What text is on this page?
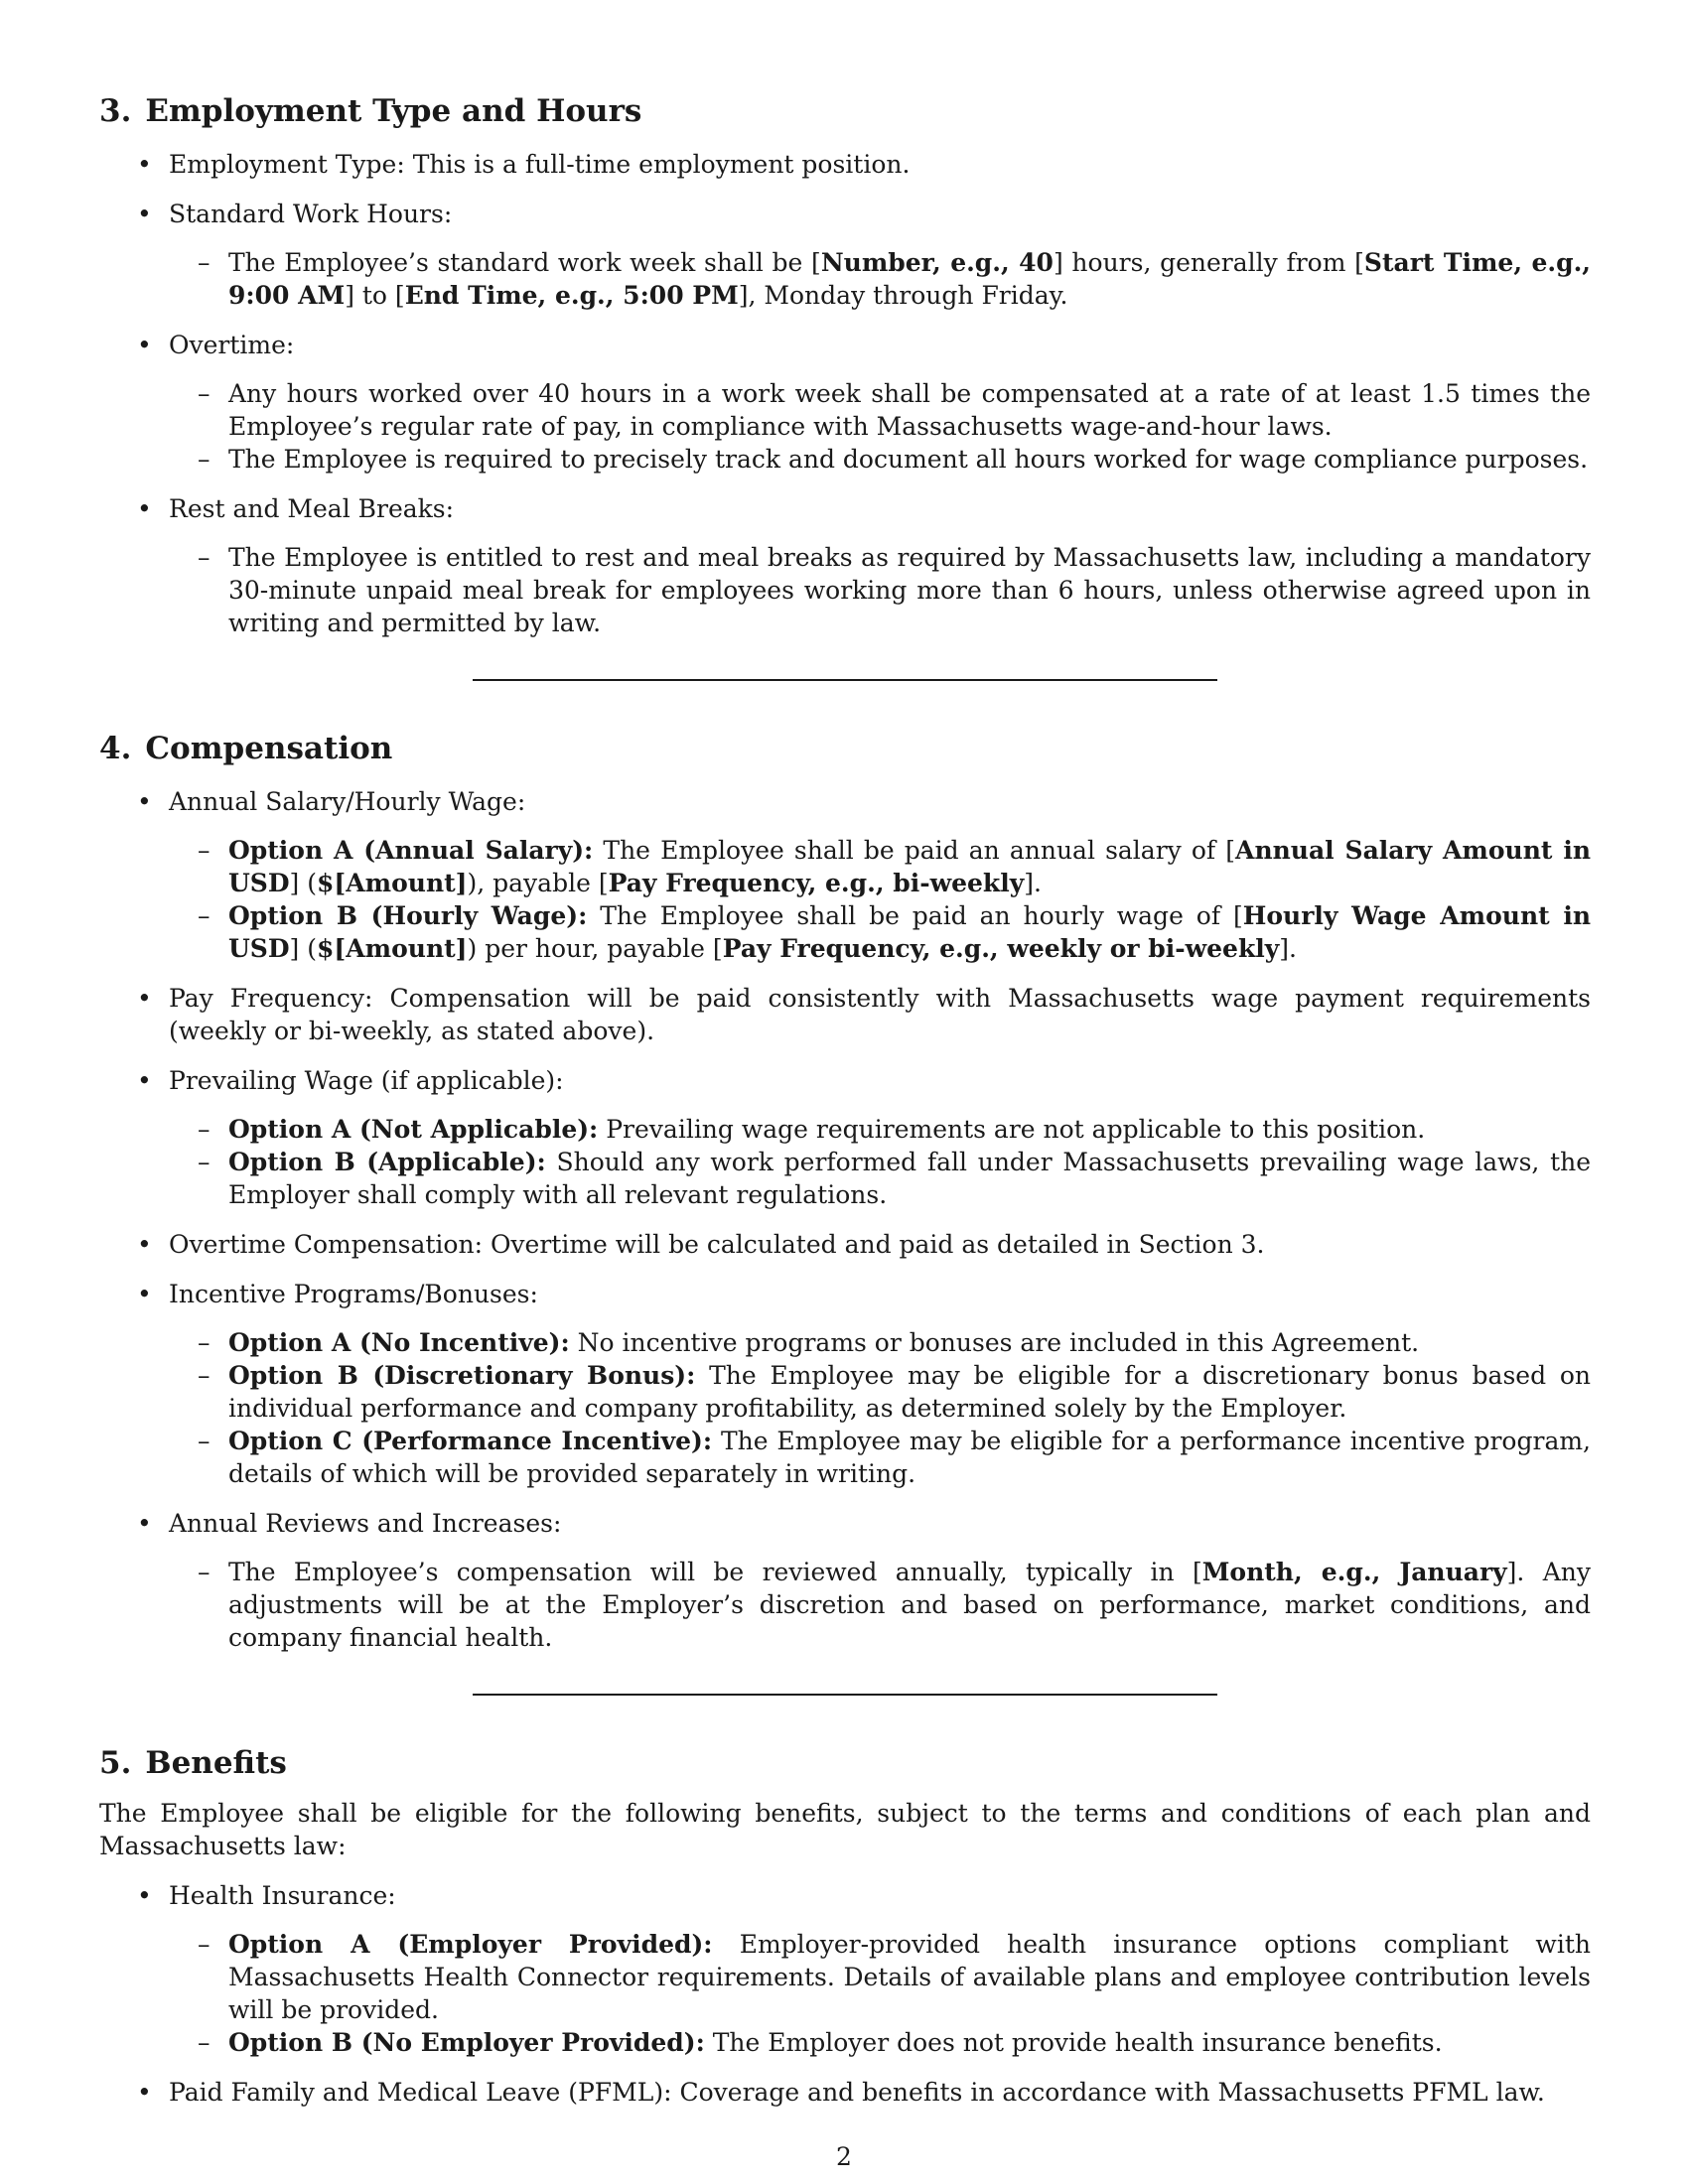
3. Employment Type and Hours
• Employment Type: This is a full-time employment position.
• Standard Work Hours:
– The Employee’s standard work week shall be [Number, e.g., 40] hours, generally from [Start Time, e.g., 9:00 AM] to [End Time, e.g., 5:00 PM], Monday through Friday.
• Overtime:
– Any hours worked over 40 hours in a work week shall be compensated at a rate of at least 1.5 times the Employee’s regular rate of pay, in compliance with Massachusetts wage-and-hour laws.
– The Employee is required to precisely track and document all hours worked for wage compliance purposes.
• Rest and Meal Breaks:
– The Employee is entitled to rest and meal breaks as required by Massachusetts law, including a mandatory 30-minute unpaid meal break for employees working more than 6 hours, unless otherwise agreed upon in writing and permitted by law.
4. Compensation
• Annual Salary/Hourly Wage:
– Option A (Annual Salary): The Employee shall be paid an annual salary of [Annual Salary Amount in USD] ($[Amount]), payable [Pay Frequency, e.g., bi-weekly].
– Option B (Hourly Wage): The Employee shall be paid an hourly wage of [Hourly Wage Amount in USD] ($[Amount]) per hour, payable [Pay Frequency, e.g., weekly or bi-weekly].
• Pay Frequency: Compensation will be paid consistently with Massachusetts wage payment requirements (weekly or bi-weekly, as stated above).
• Prevailing Wage (if applicable):
– Option A (Not Applicable): Prevailing wage requirements are not applicable to this position.
– Option B (Applicable): Should any work performed fall under Massachusetts prevailing wage laws, the Employer shall comply with all relevant regulations.
• Overtime Compensation: Overtime will be calculated and paid as detailed in Section 3.
• Incentive Programs/Bonuses:
– Option A (No Incentive): No incentive programs or bonuses are included in this Agreement.
– Option B (Discretionary Bonus): The Employee may be eligible for a discretionary bonus based on individual performance and company profitability, as determined solely by the Employer.
– Option C (Performance Incentive): The Employee may be eligible for a performance incentive program, details of which will be provided separately in writing.
• Annual Reviews and Increases:
– The Employee’s compensation will be reviewed annually, typically in [Month, e.g., January]. Any adjustments will be at the Employer’s discretion and based on performance, market conditions, and company financial health.
5. Benefits

The Employee shall be eligible for the following benefits, subject to the terms and conditions of each plan and Massachusetts law:

• Health Insurance:
– Option A (Employer Provided): Employer-provided health insurance options compliant with Massachusetts Health Connector requirements. Details of available plans and employee contribution levels will be provided.
– Option B (No Employer Provided): The Employer does not provide health insurance benefits.
• Paid Family and Medical Leave (PFML): Coverage and benefits in accordance with Massachusetts PFML law.
2
